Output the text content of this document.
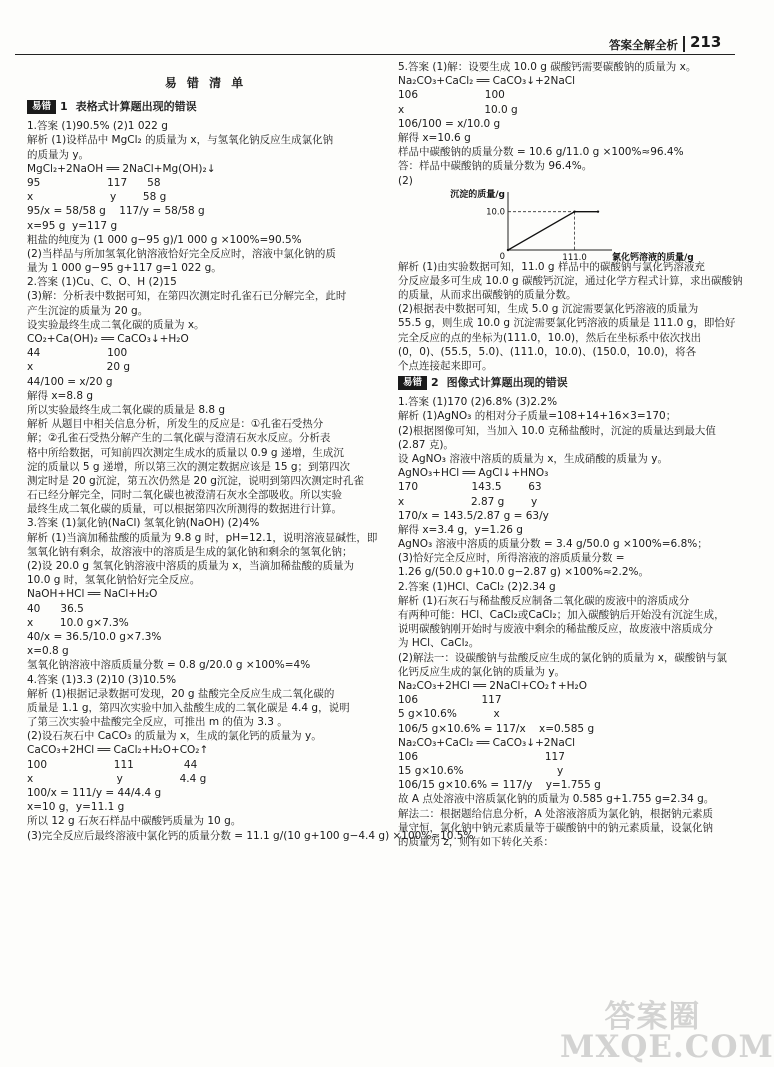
答案全解全析 213
易 错 清 单
易错 1 表格式计算题出现的错误
1.答案 (1)90.5% (2)1 022 g
解析 (1)设样品中 MgCl₂ 的质量为 x，与氢氧化钠反应生成氯化钠
的质量为 y。
MgCl₂+2NaOH ══ 2NaCl+Mg(OH)₂↓
95                    117      58
x                       y        58 g
95/x = 58/58 g    117/y = 58/58 g
x=95 g  y=117 g
粗盐的纯度为 (1 000 g−95 g)/1 000 g ×100%=90.5%
(2)当样品与所加氢氧化钠溶液恰好完全反应时，溶液中氯化钠的质
量为 1 000 g−95 g+117 g=1 022 g。
2.答案 (1)Cu、C、O、H (2)15
(3)解：分析表中数据可知，在第四次测定时孔雀石已分解完全，此时
产生沉淀的质量为 20 g。
设实验最终生成二氧化碳的质量为 x。
CO₂+Ca(OH)₂ ══ CaCO₃↓+H₂O
44                    100
x                      20 g
44/100 = x/20 g
解得 x=8.8 g
所以实验最终生成二氧化碳的质量是 8.8 g
解析 从题目中相关信息分析，所发生的反应是：①孔雀石受热分
解；②孔雀石受热分解产生的二氧化碳与澄清石灰水反应。分析表
格中所给数据，可知前四次测定生成水的质量以 0.9 g 递增，生成沉
淀的质量以 5 g 递增，所以第三次的测定数据应该是 15 g；到第四次
测定时是 20 g沉淀，第五次仍然是 20 g沉淀，说明到第四次测定时孔雀
石已经分解完全，同时二氧化碳也被澄清石灰水全部吸收。所以实验
最终生成二氧化碳的质量，可以根据第四次所测得的数据进行计算。
3.答案 (1)氯化钠(NaCl) 氢氧化钠(NaOH) (2)4%
解析 (1)当滴加稀盐酸的质量为 9.8 g 时，pH=12.1，说明溶液显碱性，即
氢氧化钠有剩余，故溶液中的溶质是生成的氯化钠和剩余的氢氧化钠；
(2)设 20.0 g 氢氧化钠溶液中溶质的质量为 x，当滴加稀盐酸的质量为
10.0 g 时，氢氧化钠恰好完全反应。
NaOH+HCl ══ NaCl+H₂O
40      36.5
x        10.0 g×7.3%
40/x = 36.5/10.0 g×7.3%
x=0.8 g
氢氧化钠溶液中溶质质量分数 = 0.8 g/20.0 g ×100%=4%
4.答案 (1)3.3 (2)10 (3)10.5%
解析 (1)根据记录数据可发现，20 g 盐酸完全反应生成二氧化碳的
质量是 1.1 g，第四次实验中加入盐酸生成的二氧化碳是 4.4 g，说明
了第三次实验中盐酸完全反应，可推出 m 的值为 3.3 。
(2)设石灰石中 CaCO₃ 的质量为 x，生成的氯化钙的质量为 y。
CaCO₃+2HCl ══ CaCl₂+H₂O+CO₂↑
100                    111               44
x                         y                 4.4 g
100/x = 111/y = 44/4.4 g
x=10 g，y=11.1 g
所以 12 g 石灰石样品中碳酸钙质量为 10 g。
(3)完全反应后最终溶液中氯化钙的质量分数 = 11.1 g/(10 g+100 g−4.4 g) ×100%≈10.5%
5.答案 (1)解：设要生成 10.0 g 碳酸钙需要碳酸钠的质量为 x。
Na₂CO₃+CaCl₂ ══ CaCO₃↓+2NaCl
106                    100
x                        10.0 g
106/100 = x/10.0 g
解得 x=10.6 g
样品中碳酸钠的质量分数 = 10.6 g/11.0 g ×100%≈96.4%
答：样品中碳酸钠的质量分数为 96.4%。
(2)
沉淀的质量/g
10.0
0	111.0	氯化钙溶液的质量/g
解析 (1)由实验数据可知，11.0 g 样品中的碳酸钠与氯化钙溶液充
分反应最多可生成 10.0 g 碳酸钙沉淀，通过化学方程式计算，求出碳酸钠
的质量，从而求出碳酸钠的质量分数。
(2)根据表中数据可知，生成 5.0 g 沉淀需要氯化钙溶液的质量为
55.5 g，则生成 10.0 g 沉淀需要氯化钙溶液的质量是 111.0 g，即恰好
完全反应的点的坐标为(111.0，10.0)，然后在坐标系中依次找出
(0，0)、(55.5，5.0)、(111.0，10.0)、(150.0，10.0)，将各
个点连接起来即可。
易错 2 图像式计算题出现的错误
1.答案 (1)170 (2)6.8% (3)2.2%
解析 (1)AgNO₃ 的相对分子质量=108+14+16×3=170；
(2)根据图像可知，当加入 10.0 克稀盐酸时，沉淀的质量达到最大值
(2.87 克)。
设 AgNO₃ 溶液中溶质的质量为 x，生成硝酸的质量为 y。
AgNO₃+HCl ══ AgCl↓+HNO₃
170                143.5        63
x                    2.87 g        y
170/x = 143.5/2.87 g = 63/y
解得 x=3.4 g，y=1.26 g
AgNO₃ 溶液中溶质的质量分数 = 3.4 g/50.0 g ×100%=6.8%；
(3)恰好完全反应时，所得溶液的溶质质量分数 =
1.26 g/(50.0 g+10.0 g−2.87 g) ×100%≈2.2%。
2.答案 (1)HCl、CaCl₂ (2)2.34 g
解析 (1)石灰石与稀盐酸反应制备二氧化碳的废液中的溶质成分
有两种可能：HCl、CaCl₂或CaCl₂；加入碳酸钠后开始没有沉淀生成，
说明碳酸钠刚开始时与废液中剩余的稀盐酸反应，故废液中溶质成分
为 HCl、CaCl₂。
(2)解法一：设碳酸钠与盐酸反应生成的氯化钠的质量为 x，碳酸钠与氯
化钙反应生成的氯化钠的质量为 y。
Na₂CO₃+2HCl ══ 2NaCl+CO₂↑+H₂O
106                   117
5 g×10.6%           x
106/5 g×10.6% = 117/x    x=0.585 g
Na₂CO₃+CaCl₂ ══ CaCO₃↓+2NaCl
106                                      117
15 g×10.6%                            y
106/15 g×10.6% = 117/y    y=1.755 g
故 A 点处溶液中溶质氯化钠的质量为 0.585 g+1.755 g=2.34 g。
解法二：根据题给信息分析，A 处溶液溶质为氯化钠，根据钠元素质
量守恒，氯化钠中钠元素质量等于碳酸钠中的钠元素质量，设氯化钠
的质量为 z，则有如下转化关系：
答案圈
MXQE.COM
